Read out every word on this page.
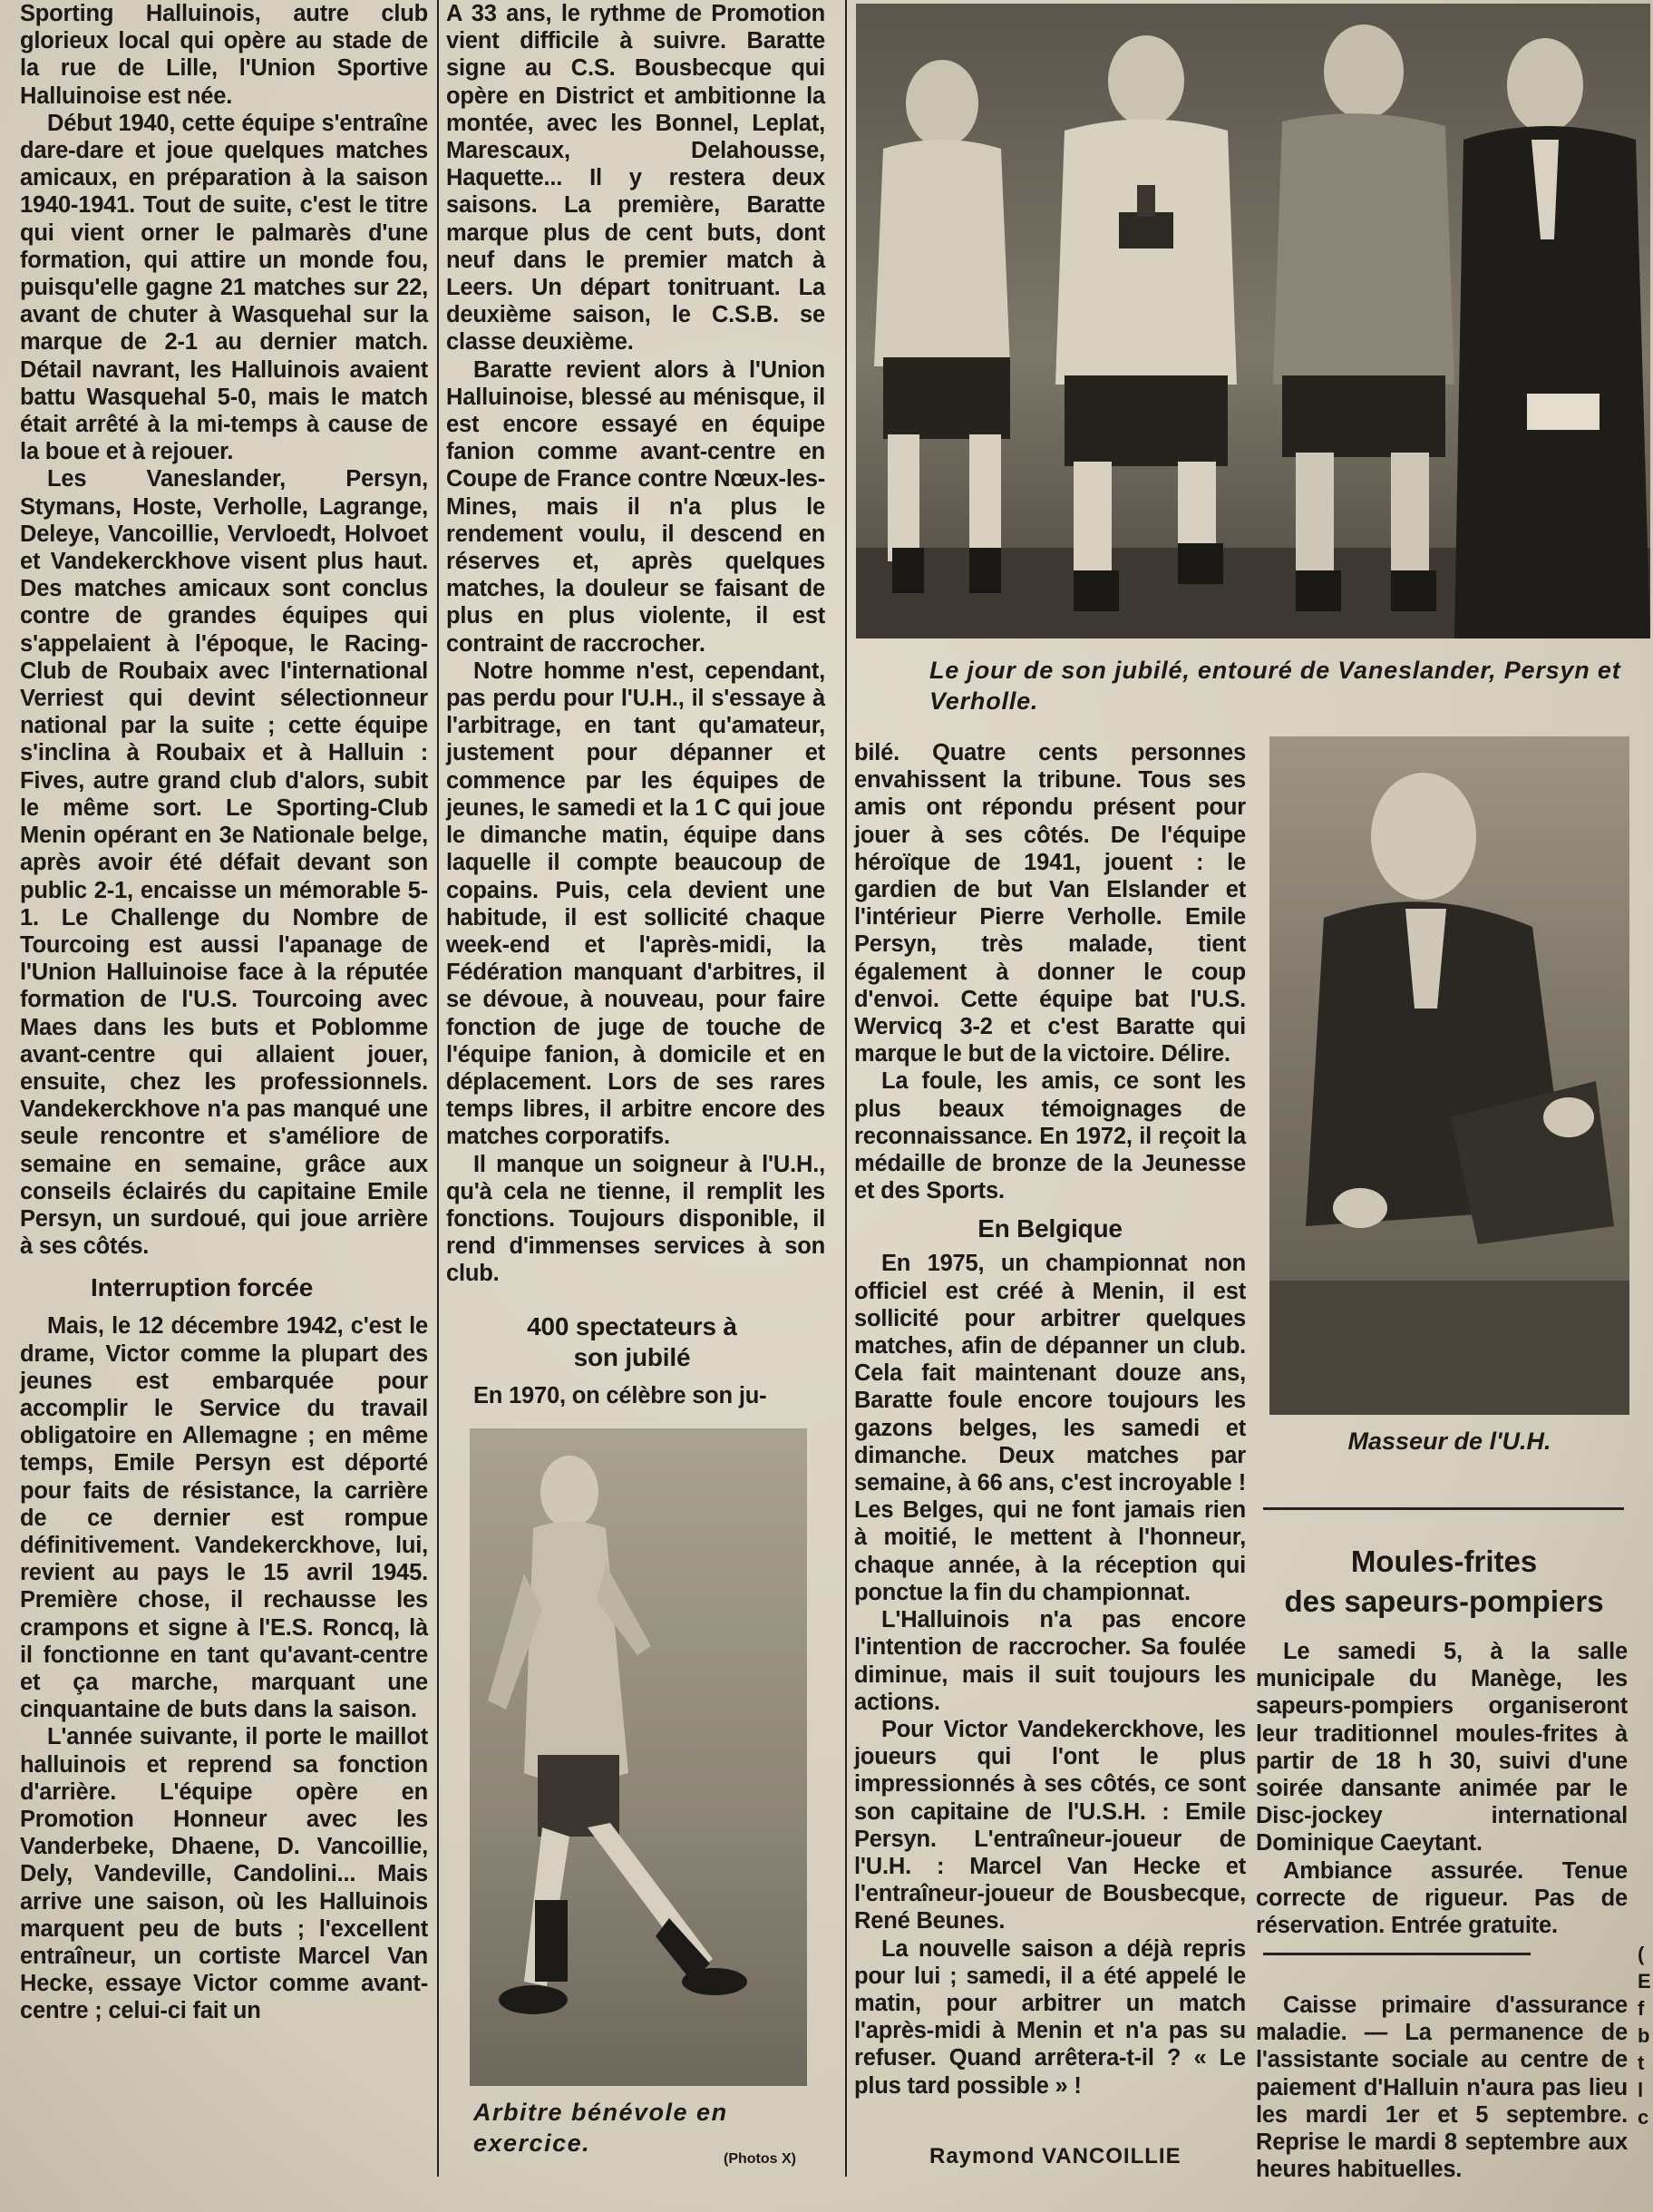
Sporting Halluinois, autre club glorieux local qui opère au stade de la rue de Lille, l'Union Sportive Halluinoise est née.

Début 1940, cette équipe s'entraîne dare-dare et joue quelques matches amicaux, en préparation à la saison 1940-1941. Tout de suite, c'est le titre qui vient orner le palmarès d'une formation, qui attire un monde fou, puisqu'elle gagne 21 matches sur 22, avant de chuter à Wasquehal sur la marque de 2-1 au dernier match. Détail navrant, les Halluinois avaient battu Wasquehal 5-0, mais le match était arrêté à la mi-temps à cause de la boue et à rejouer.

Les Vaneslander, Persyn, Stymans, Hoste, Verholle, Lagrange, Deleye, Vancoillie, Vervloedt, Holvoet et Vandekerckhove visent plus haut. Des matches amicaux sont conclus contre de grandes équipes qui s'appelaient à l'époque, le Racing-Club de Roubaix avec l'international Verriest qui devint sélectionneur national par la suite ; cette équipe s'inclina à Roubaix et à Halluin : Fives, autre grand club d'alors, subit le même sort. Le Sporting-Club Menin opérant en 3e Nationale belge, après avoir été défait devant son public 2-1, encaisse un mémorable 5-1. Le Challenge du Nombre de Tourcoing est aussi l'apanage de l'Union Halluinoise face à la réputée formation de l'U.S. Tourcoing avec Maes dans les buts et Poblomme avant-centre qui allaient jouer, ensuite, chez les professionnels. Vandekerckhove n'a pas manqué une seule rencontre et s'améliore de semaine en semaine, grâce aux conseils éclairés du capitaine Emile Persyn, un surdoué, qui joue arrière à ses côtés.

Interruption forcée

Mais, le 12 décembre 1942, c'est le drame, Victor comme la plupart des jeunes est embarquée pour accomplir le Service du travail obligatoire en Allemagne ; en même temps, Emile Persyn est déporté pour faits de résistance, la carrière de ce dernier est rompue définitivement. Vandekerckhove, lui, revient au pays le 15 avril 1945. Première chose, il rechausse les crampons et signe à l'E.S. Roncq, là il fonctionne en tant qu'avant-centre et ça marche, marquant une cinquantaine de buts dans la saison.

L'année suivante, il porte le maillot halluinois et reprend sa fonction d'arrière. L'équipe opère en Promotion Honneur avec les Vanderbeke, Dhaene, D. Vancoillie, Dely, Vandeville, Candolini... Mais arrive une saison, où les Halluinois marquent peu de buts ; l'excellent entraîneur, un cortiste Marcel Van Hecke, essaye Victor comme avant-centre ; celui-ci fait un

A 33 ans, le rythme de Promotion vient difficile à suivre. Baratte signe au C.S. Bousbecque qui opère en District et ambitionne la montée, avec les Bonnel, Leplat, Marescaux, Delahousse, Haquette... Il y restera deux saisons. La première, Baratte marque plus de cent buts, dont neuf dans le premier match à Leers. Un départ tonitruant. La deuxième saison, le C.S.B. se classe deuxième.

Baratte revient alors à l'Union Halluinoise, blessé au ménisque, il est encore essayé en équipe fanion comme avant-centre en Coupe de France contre Nœux-les-Mines, mais il n'a plus le rendement voulu, il descend en réserves et, après quelques matches, la douleur se faisant de plus en plus violente, il est contraint de raccrocher.

Notre homme n'est, cependant, pas perdu pour l'U.H., il s'essaye à l'arbitrage, en tant qu'amateur, justement pour dépanner et commence par les équipes de jeunes, le samedi et la 1 C qui joue le dimanche matin, équipe dans laquelle il compte beaucoup de copains. Puis, cela devient une habitude, il est sollicité chaque week-end et l'après-midi, la Fédération manquant d'arbitres, il se dévoue, à nouveau, pour faire fonction de juge de touche de l'équipe fanion, à domicile et en déplacement. Lors de ses rares temps libres, il arbitre encore des matches corporatifs.

Il manque un soigneur à l'U.H., qu'à cela ne tienne, il remplit les fonctions. Toujours disponible, il rend d'immenses services à son club.

400 spectateurs à son jubilé

En 1970, on célèbre son ju-

Arbitre bénévole en exercice.
(Photos X)
Le jour de son jubilé, entouré de Vaneslander, Persyn et Verholle.

bilé. Quatre cents personnes envahissent la tribune. Tous ses amis ont répondu présent pour jouer à ses côtés. De l'équipe héroïque de 1941, jouent : le gardien de but Van Elslander et l'intérieur Pierre Verholle. Emile Persyn, très malade, tient également à donner le coup d'envoi. Cette équipe bat l'U.S. Wervicq 3-2 et c'est Baratte qui marque le but de la victoire. Délire.

La foule, les amis, ce sont les plus beaux témoignages de reconnaissance. En 1972, il reçoit la médaille de bronze de la Jeunesse et des Sports.

En Belgique

En 1975, un championnat non officiel est créé à Menin, il est sollicité pour arbitrer quelques matches, afin de dépanner un club. Cela fait maintenant douze ans, Baratte foule encore toujours les gazons belges, les samedi et dimanche. Deux matches par semaine, à 66 ans, c'est incroyable ! Les Belges, qui ne font jamais rien à moitié, le mettent à l'honneur, chaque année, à la réception qui ponctue la fin du championnat.

L'Halluinois n'a pas encore l'intention de raccrocher. Sa foulée diminue, mais il suit toujours les actions.

Pour Victor Vandekerckhove, les joueurs qui l'ont le plus impressionnés à ses côtés, ce sont son capitaine de l'U.S.H. : Emile Persyn. L'entraîneur-joueur de l'U.H. : Marcel Van Hecke et l'entraîneur-joueur de Bousbecque, René Beunes.

La nouvelle saison a déjà repris pour lui ; samedi, il a été appelé le matin, pour arbitrer un match l'après-midi à Menin et n'a pas su refuser. Quand arrêtera-t-il ? « Le plus tard possible » !

Raymond VANCOILLIE
Masseur de l'U.H.
Moules-frites
des sapeurs-pompiers

Le samedi 5, à la salle municipale du Manège, les sapeurs-pompiers organiseront leur traditionnel moules-frites à partir de 18 h 30, suivi d'une soirée dansante animée par le Disc-jockey international Dominique Caeytant.

Ambiance assurée. Tenue correcte de rigueur. Pas de réservation. Entrée gratuite.

Caisse primaire d'assurance maladie. — La permanence de l'assistante sociale au centre de paiement d'Halluin n'aura pas lieu les mardi 1er et 5 septembre. Reprise le mardi 8 septembre aux heures habituelles.

(
E
f
b
t
l
c
